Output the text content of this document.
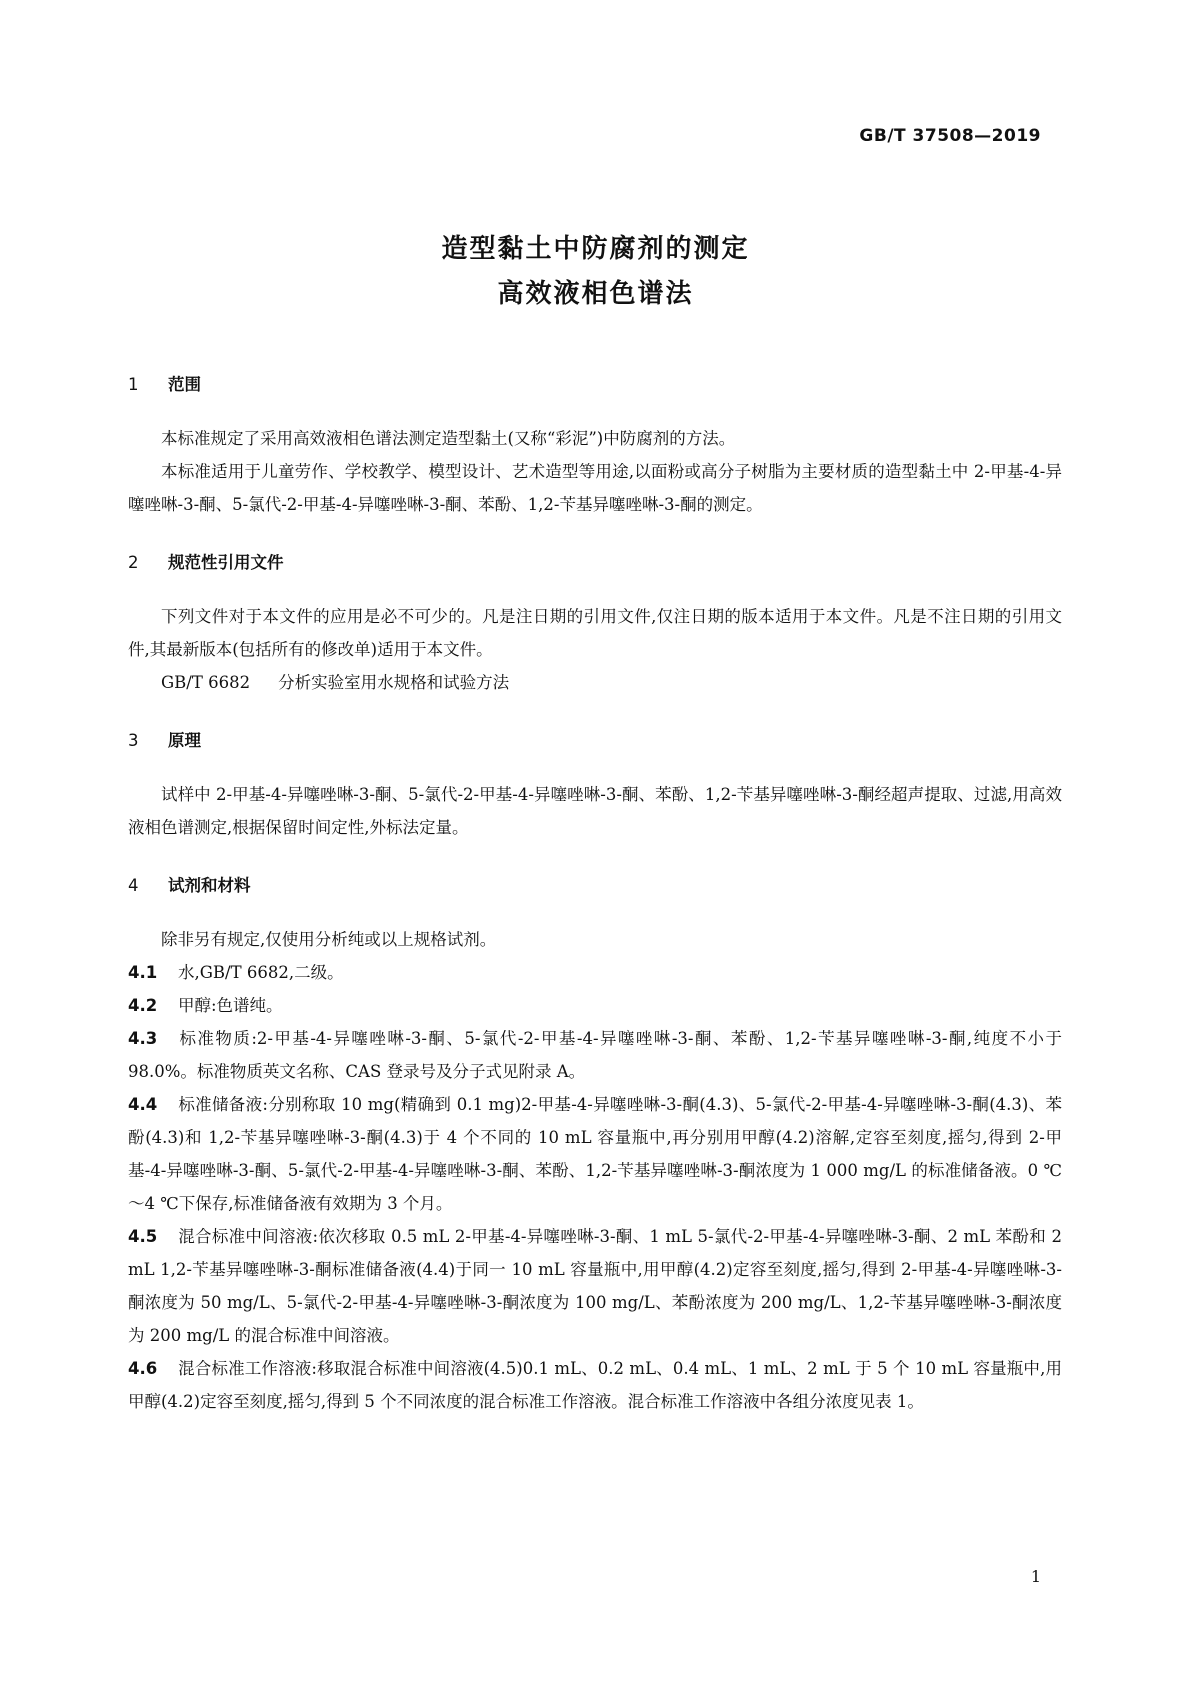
GB/T 37508—2019
造型黏土中防腐剂的测定
高效液相色谱法
1 范围
本标准规定了采用高效液相色谱法测定造型黏土(又称“彩泥”)中防腐剂的方法。
本标准适用于儿童劳作、学校教学、模型设计、艺术造型等用途,以面粉或高分子树脂为主要材质的造型黏土中 2-甲基-4-异噻唑啉-3-酮、5-氯代-2-甲基-4-异噻唑啉-3-酮、苯酚、1,2-苄基异噻唑啉-3-酮的测定。
2 规范性引用文件
下列文件对于本文件的应用是必不可少的。凡是注日期的引用文件,仅注日期的版本适用于本文件。凡是不注日期的引用文件,其最新版本(包括所有的修改单)适用于本文件。
GB/T 6682 分析实验室用水规格和试验方法
3 原理
试样中 2-甲基-4-异噻唑啉-3-酮、5-氯代-2-甲基-4-异噻唑啉-3-酮、苯酚、1,2-苄基异噻唑啉-3-酮经超声提取、过滤,用高效液相色谱测定,根据保留时间定性,外标法定量。
4 试剂和材料
除非另有规定,仅使用分析纯或以上规格试剂。
4.1 水,GB/T 6682,二级。
4.2 甲醇:色谱纯。
4.3 标准物质:2-甲基-4-异噻唑啉-3-酮、5-氯代-2-甲基-4-异噻唑啉-3-酮、苯酚、1,2-苄基异噻唑啉-3-酮,纯度不小于 98.0%。标准物质英文名称、CAS 登录号及分子式见附录 A。
4.4 标准储备液:分别称取 10 mg(精确到 0.1 mg)2-甲基-4-异噻唑啉-3-酮(4.3)、5-氯代-2-甲基-4-异噻唑啉-3-酮(4.3)、苯酚(4.3)和 1,2-苄基异噻唑啉-3-酮(4.3)于 4 个不同的 10 mL 容量瓶中,再分别用甲醇(4.2)溶解,定容至刻度,摇匀,得到 2-甲基-4-异噻唑啉-3-酮、5-氯代-2-甲基-4-异噻唑啉-3-酮、苯酚、1,2-苄基异噻唑啉-3-酮浓度为 1 000 mg/L 的标准储备液。0 ℃～4 ℃下保存,标准储备液有效期为 3 个月。
4.5 混合标准中间溶液:依次移取 0.5 mL 2-甲基-4-异噻唑啉-3-酮、1 mL 5-氯代-2-甲基-4-异噻唑啉-3-酮、2 mL 苯酚和 2 mL 1,2-苄基异噻唑啉-3-酮标准储备液(4.4)于同一 10 mL 容量瓶中,用甲醇(4.2)定容至刻度,摇匀,得到 2-甲基-4-异噻唑啉-3-酮浓度为 50 mg/L、5-氯代-2-甲基-4-异噻唑啉-3-酮浓度为 100 mg/L、苯酚浓度为 200 mg/L、1,2-苄基异噻唑啉-3-酮浓度为 200 mg/L 的混合标准中间溶液。
4.6 混合标准工作溶液:移取混合标准中间溶液(4.5)0.1 mL、0.2 mL、0.4 mL、1 mL、2 mL 于 5 个 10 mL 容量瓶中,用甲醇(4.2)定容至刻度,摇匀,得到 5 个不同浓度的混合标准工作溶液。混合标准工作溶液中各组分浓度见表 1。
1
